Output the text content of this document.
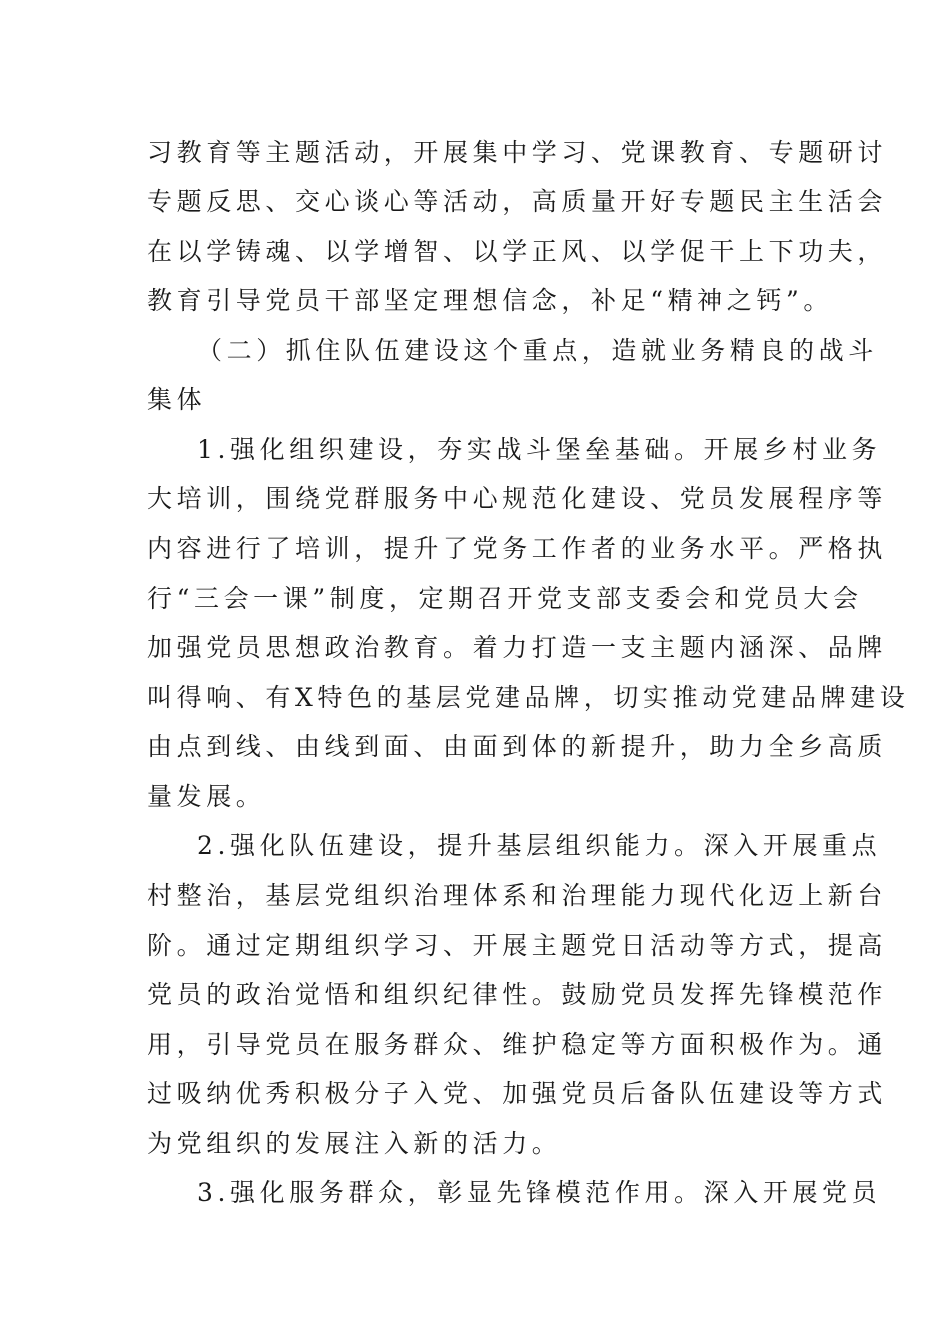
习教育等主题活动，开展集中学习、党课教育、专题研讨
专题反思、交心谈心等活动，高质量开好专题民主生活会
在以学铸魂、以学增智、以学正风、以学促干上下功夫，
教育引导党员干部坚定理想信念，补足“精神之钙”。
（二）抓住队伍建设这个重点，造就业务精良的战斗
集体
1.强化组织建设，夯实战斗堡垒基础。开展乡村业务
大培训，围绕党群服务中心规范化建设、党员发展程序等
内容进行了培训，提升了党务工作者的业务水平。严格执
行“三会一课”制度，定期召开党支部支委会和党员大会
加强党员思想政治教育。着力打造一支主题内涵深、品牌
叫得响、有X特色的基层党建品牌，切实推动党建品牌建设
由点到线、由线到面、由面到体的新提升，助力全乡高质
量发展。
2.强化队伍建设，提升基层组织能力。深入开展重点
村整治，基层党组织治理体系和治理能力现代化迈上新台
阶。通过定期组织学习、开展主题党日活动等方式，提高
党员的政治觉悟和组织纪律性。鼓励党员发挥先锋模范作
用，引导党员在服务群众、维护稳定等方面积极作为。通
过吸纳优秀积极分子入党、加强党员后备队伍建设等方式
为党组织的发展注入新的活力。
3.强化服务群众，彰显先锋模范作用。深入开展党员
